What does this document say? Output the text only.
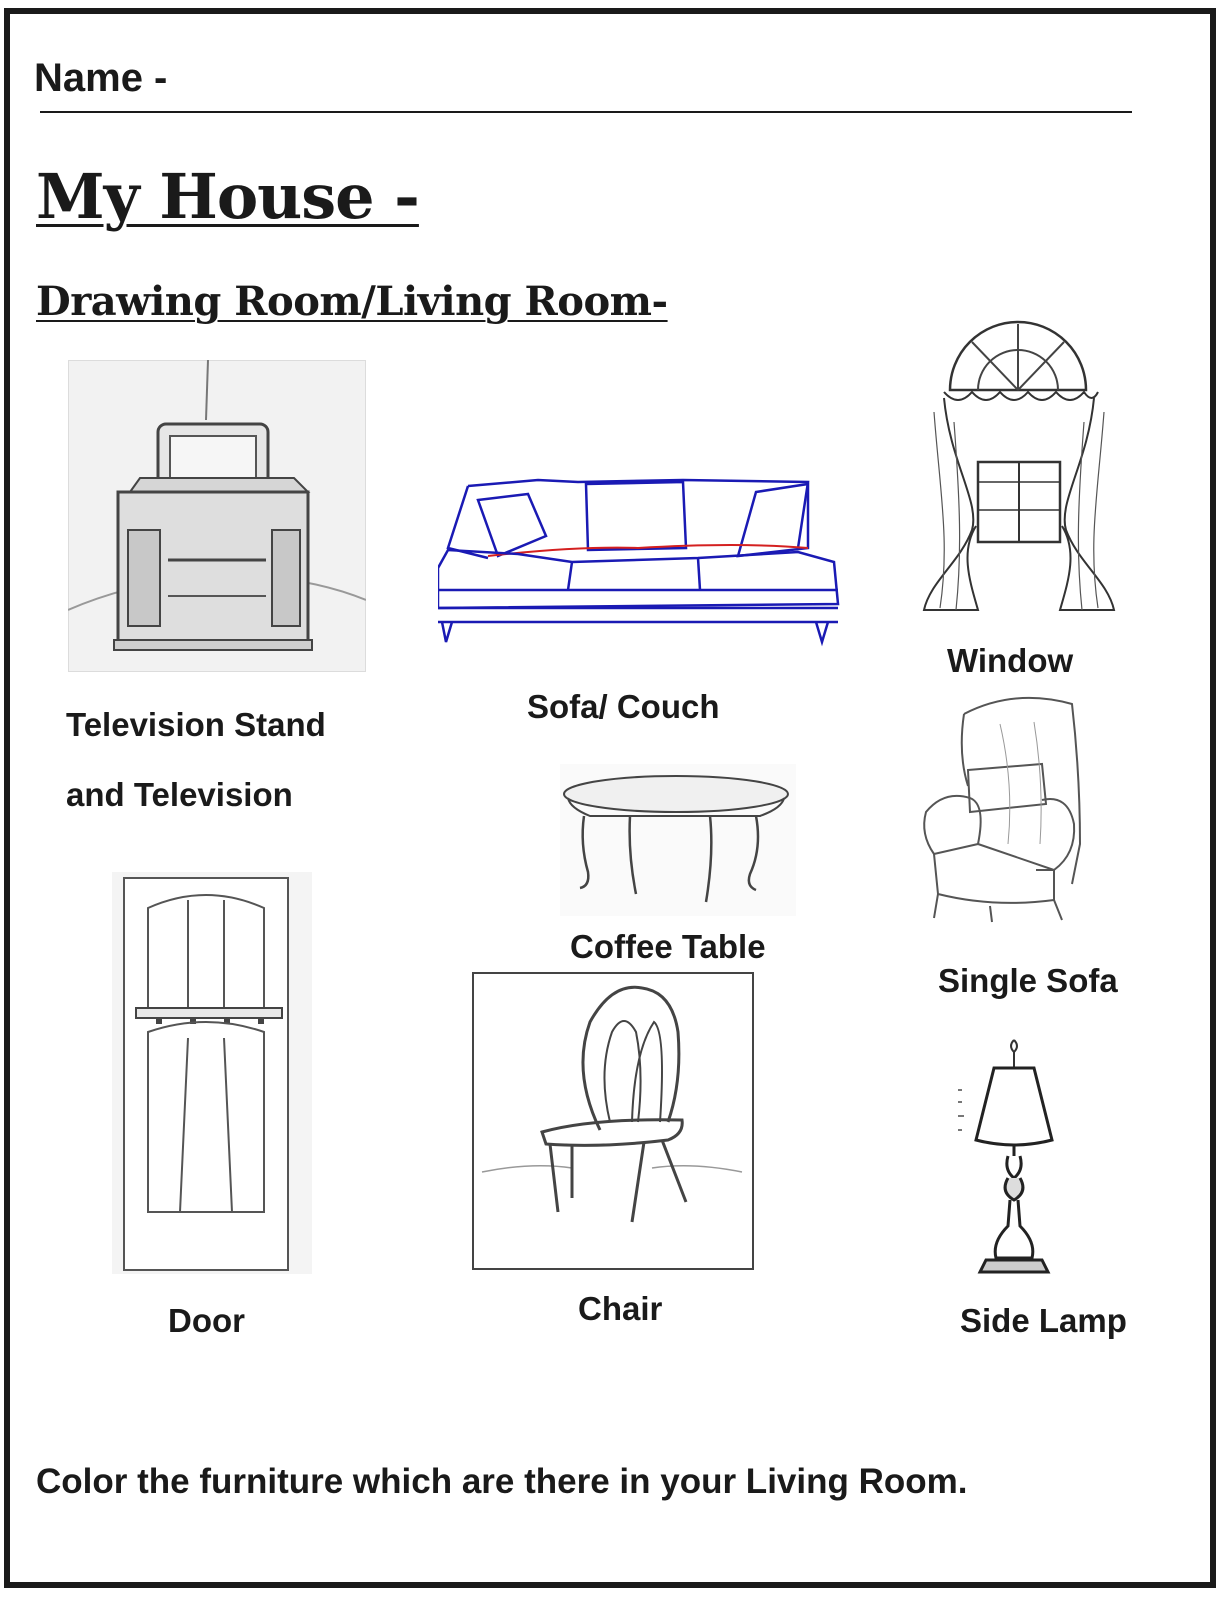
Name -
My House -
Drawing Room/Living Room-
Television Stand
and Television
Sofa/ Couch
Window
Coffee Table
Single Sofa
Door	Chair	Side Lamp
Color the furniture which are there in your Living Room.
